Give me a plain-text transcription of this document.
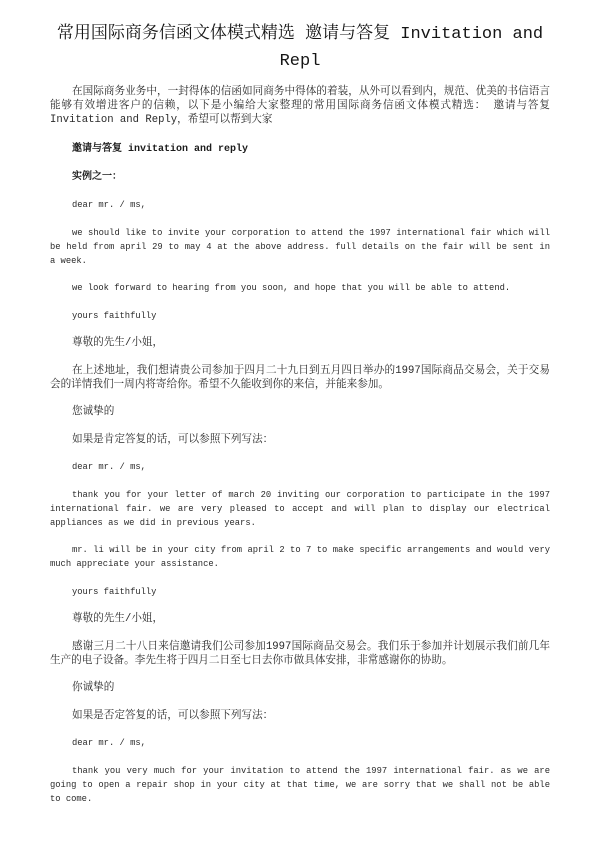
常用国际商务信函文体模式精选 邀请与答复 Invitation and Repl

在国际商务业务中，一封得体的信函如同商务中得体的着装，从外可以看到内，规范、优美的书信语言能够有效增进客户的信赖，以下是小编给大家整理的常用国际商务信函文体模式精选： 邀请与答复 Invitation and Reply，希望可以帮到大家

邀请与答复 invitation and reply

实例之一：

dear mr. / ms,

we should like to invite your corporation to attend the 1997 international fair which will be held from april 29 to may 4 at the above address. full details on the fair will be sent in a week.

we look forward to hearing from you soon, and hope that you will be able to attend.

yours faithfully

尊敬的先生/小姐，

在上述地址，我们想请贵公司参加于四月二十九日到五月四日举办的1997国际商品交易会，关于交易会的详情我们一周内将寄给你。希望不久能收到你的来信，并能来参加。

您诚挚的

如果是肯定答复的话，可以参照下列写法：

dear mr. / ms,

thank you for your letter of march 20 inviting our corporation to participate in the 1997 international fair. we are very pleased to accept and will plan to display our electrical appliances as we did in previous years.

mr. li will be in your city from april 2 to 7 to make specific arrangements and would very much appreciate your assistance.

yours faithfully

尊敬的先生/小姐，

感谢三月二十八日来信邀请我们公司参加1997国际商品交易会。我们乐于参加并计划展示我们前几年生产的电子设备。李先生将于四月二日至七日去你市做具体安排，非常感谢你的协助。

你诚挚的

如果是否定答复的话，可以参照下列写法：

dear mr. / ms,

thank you very much for your invitation to attend the 1997 international fair. as we are going to open a repair shop in your city at that time, we are sorry that we shall not be able to come.
